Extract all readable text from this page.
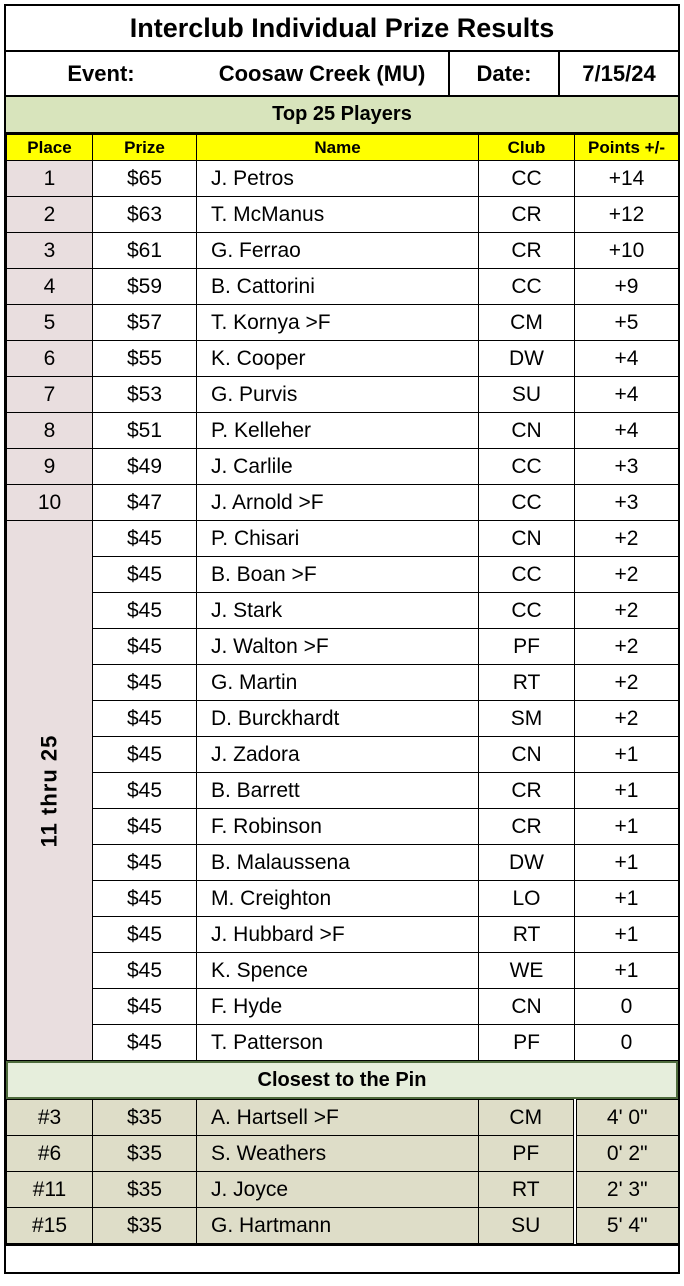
Interclub Individual Prize Results
Event:	Coosaw Creek (MU)	Date:	7/15/24
Top 25 Players
Place	Prize	Name	Club	Points +/-
1	$65	J. Petros	CC	+14
2	$63	T. McManus	CR	+12
3	$61	G. Ferrao	CR	+10
4	$59	B. Cattorini	CC	+9
5	$57	T. Kornya >F	CM	+5
6	$55	K. Cooper	DW	+4
7	$53	G. Purvis	SU	+4
8	$51	P. Kelleher	CN	+4
9	$49	J. Carlile	CC	+3
10	$47	J. Arnold >F	CC	+3

11 thru 25	$45	P. Chisari	CN	+2
	$45	B. Boan >F	CC	+2
	$45	J. Stark	CC	+2
	$45	J. Walton >F	PF	+2
	$45	G. Martin	RT	+2
	$45	D. Burckhardt	SM	+2
	$45	J. Zadora	CN	+1
	$45	B. Barrett	CR	+1
	$45	F. Robinson	CR	+1
	$45	B. Malaussena	DW	+1
	$45	M. Creighton	LO	+1
	$45	J. Hubbard >F	RT	+1
	$45	K. Spence	WE	+1
	$45	F. Hyde	CN	0
	$45	T. Patterson	PF	0
Closest to the Pin
#3	$35	A. Hartsell >F	CM	4' 0"
#6	$35	S. Weathers	PF	0' 2"
#11	$35	J. Joyce	RT	2' 3"
#15	$35	G. Hartmann	SU	5' 4"
